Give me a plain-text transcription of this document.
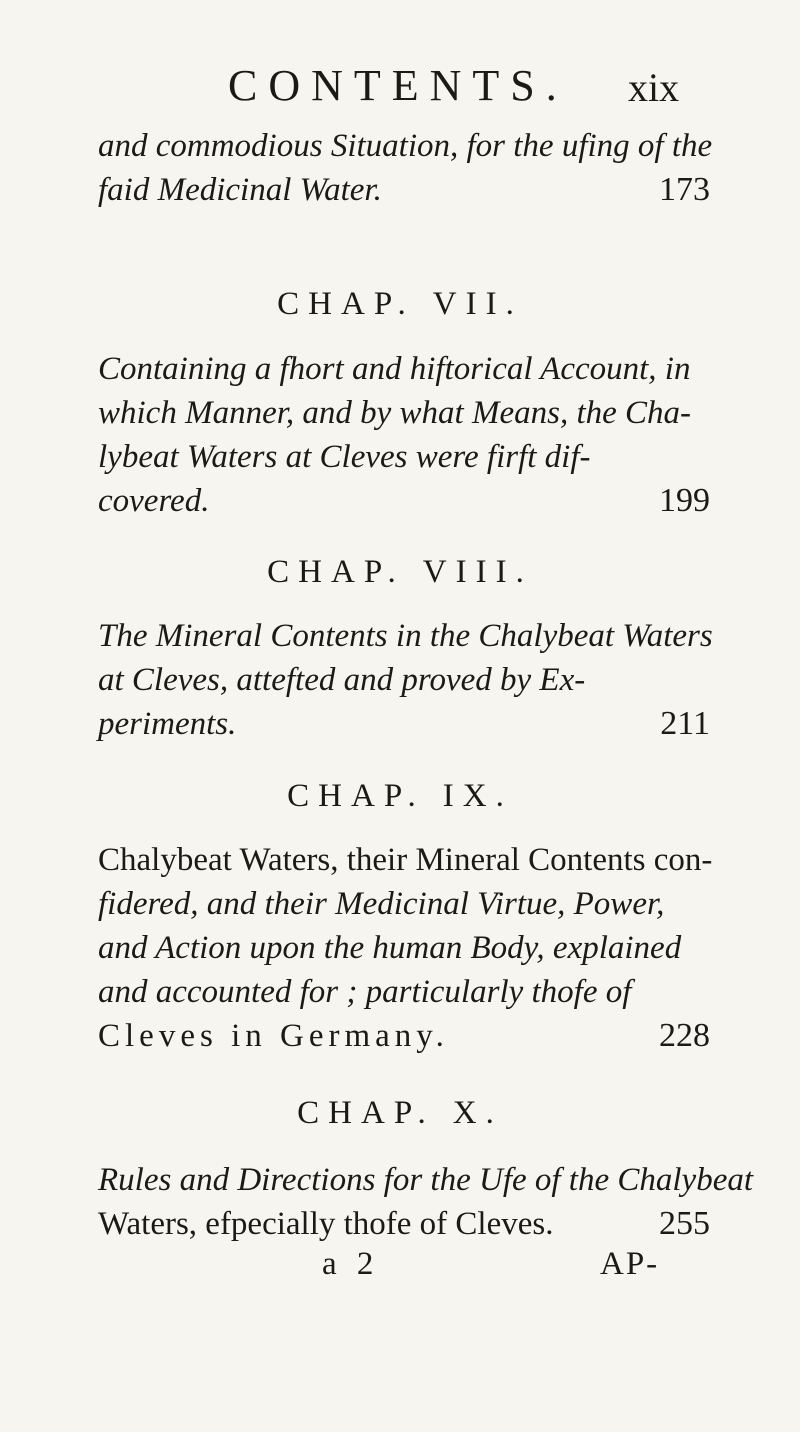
CONTENTS. xix
and commodious Situation, for the ufing of the
faid Medicinal Water.	173
CHAP. VII.
Containing a fhort and hiftorical Account, in
which Manner, and by what Means, the Cha-
lybeat Waters at Cleves were firft dif-
covered.	199
CHAP. VIII.
The Mineral Contents in the Chalybeat Waters
at Cleves, attefted and proved by Ex-
periments.	211
CHAP. IX.
Chalybeat Waters, their Mineral Contents con-
fidered, and their Medicinal Virtue, Power,
and Action upon the human Body, explained
and accounted for ; particularly thofe of
Cleves in Germany.	228
CHAP. X.
Rules and Directions for the Ufe of the Chalybeat
Waters, efpecially thofe of Cleves.	255
a 2	AP-
